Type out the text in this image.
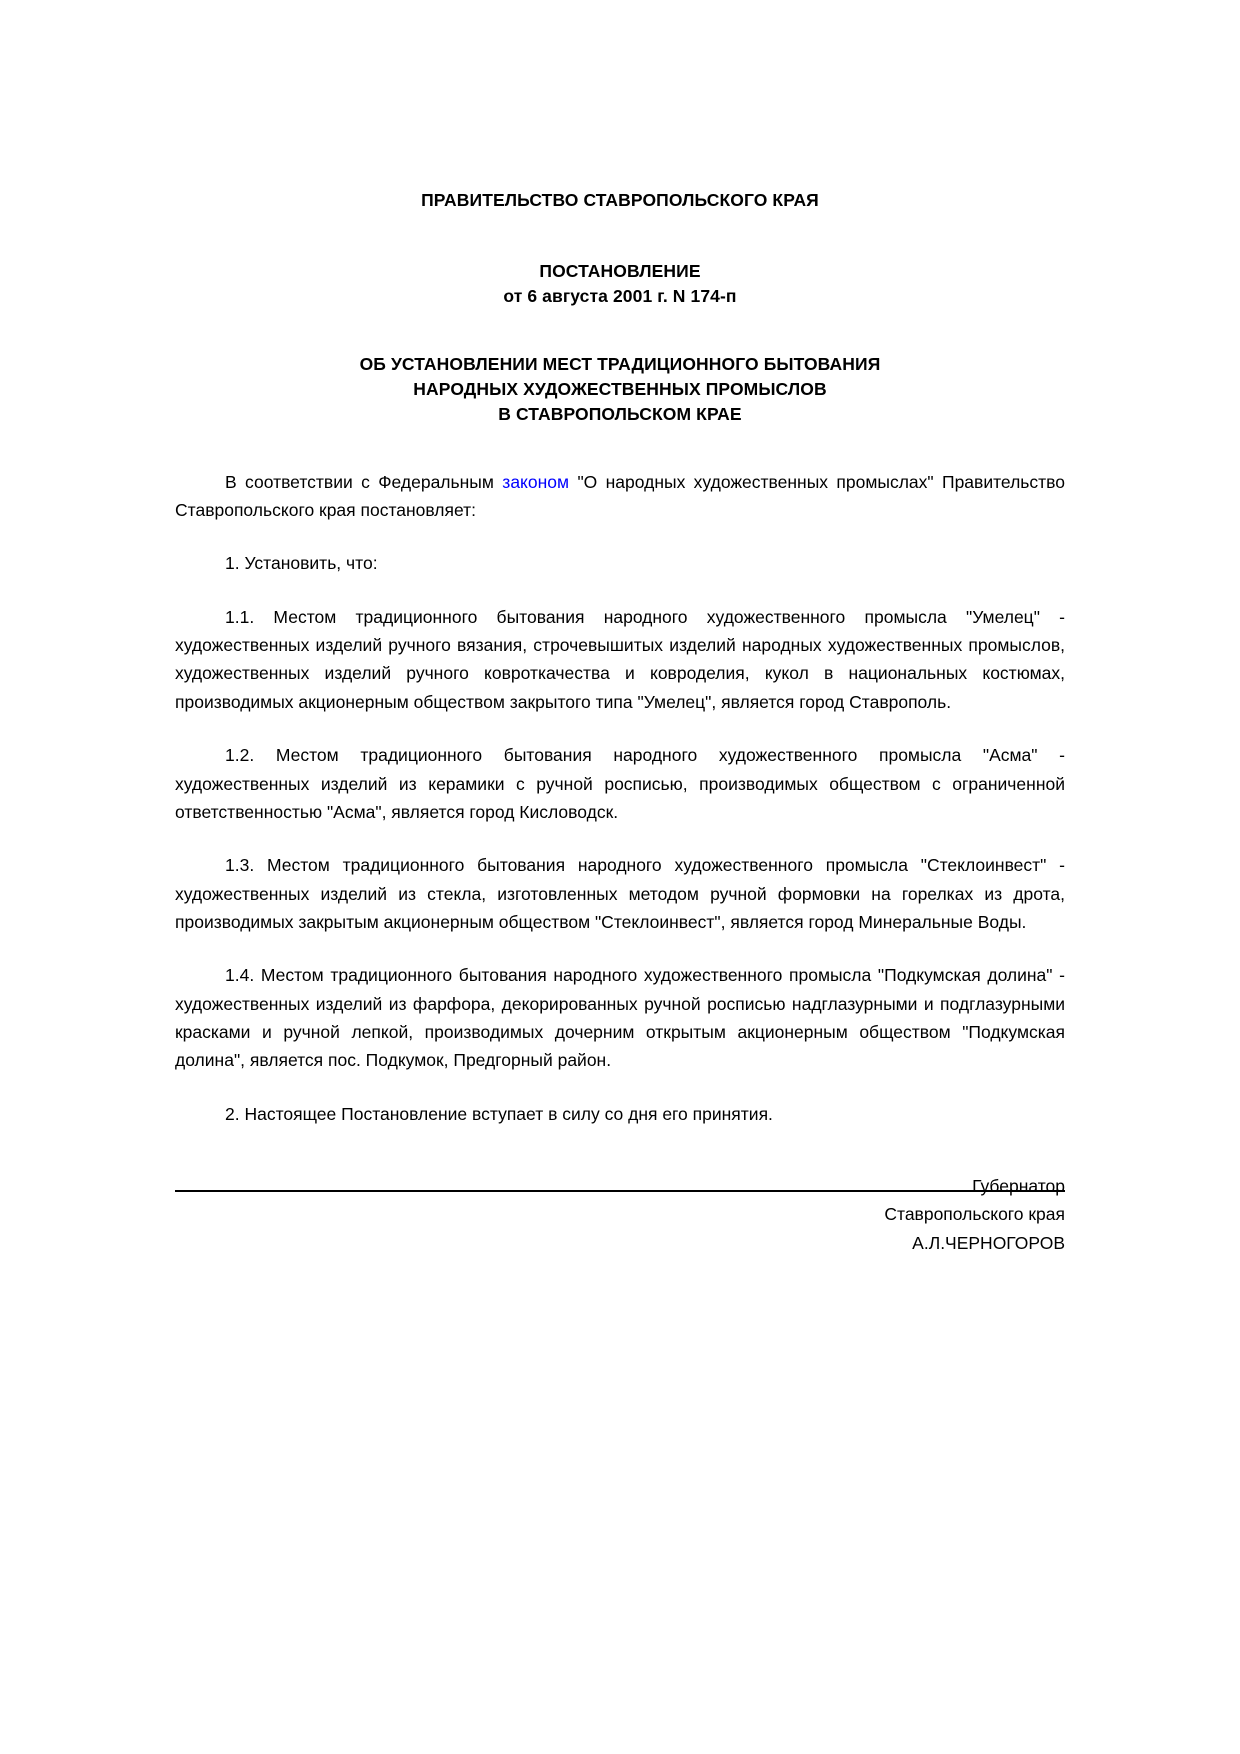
ПРАВИТЕЛЬСТВО СТАВРОПОЛЬСКОГО КРАЯ
ПОСТАНОВЛЕНИЕ
от 6 августа 2001 г. N 174-п
ОБ УСТАНОВЛЕНИИ МЕСТ ТРАДИЦИОННОГО БЫТОВАНИЯ
НАРОДНЫХ ХУДОЖЕСТВЕННЫХ ПРОМЫСЛОВ
В СТАВРОПОЛЬСКОМ КРАЕ

В соответствии с Федеральным законом "О народных художественных промыслах" Правительство Ставропольского края постановляет:

1. Установить, что:

1.1. Местом традиционного бытования народного художественного промысла "Умелец" - художественных изделий ручного вязания, строчевышитых изделий народных художественных промыслов, художественных изделий ручного ковроткачества и ковроделия, кукол в национальных костюмах, производимых акционерным обществом закрытого типа "Умелец", является город Ставрополь.

1.2. Местом традиционного бытования народного художественного промысла "Асма" - художественных изделий из керамики с ручной росписью, производимых обществом с ограниченной ответственностью "Асма", является город Кисловодск.

1.3. Местом традиционного бытования народного художественного промысла "Стеклоинвест" - художественных изделий из стекла, изготовленных методом ручной формовки на горелках из дрота, производимых закрытым акционерным обществом "Стеклоинвест", является город Минеральные Воды.

1.4. Местом традиционного бытования народного художественного промысла "Подкумская долина" - художественных изделий из фарфора, декорированных ручной росписью надглазурными и подглазурными красками и ручной лепкой, производимых дочерним открытым акционерным обществом "Подкумская долина", является пос. Подкумок, Предгорный район.

2. Настоящее Постановление вступает в силу со дня его принятия.

Губернатор
Ставропольского края
А.Л.ЧЕРНОГОРОВ
